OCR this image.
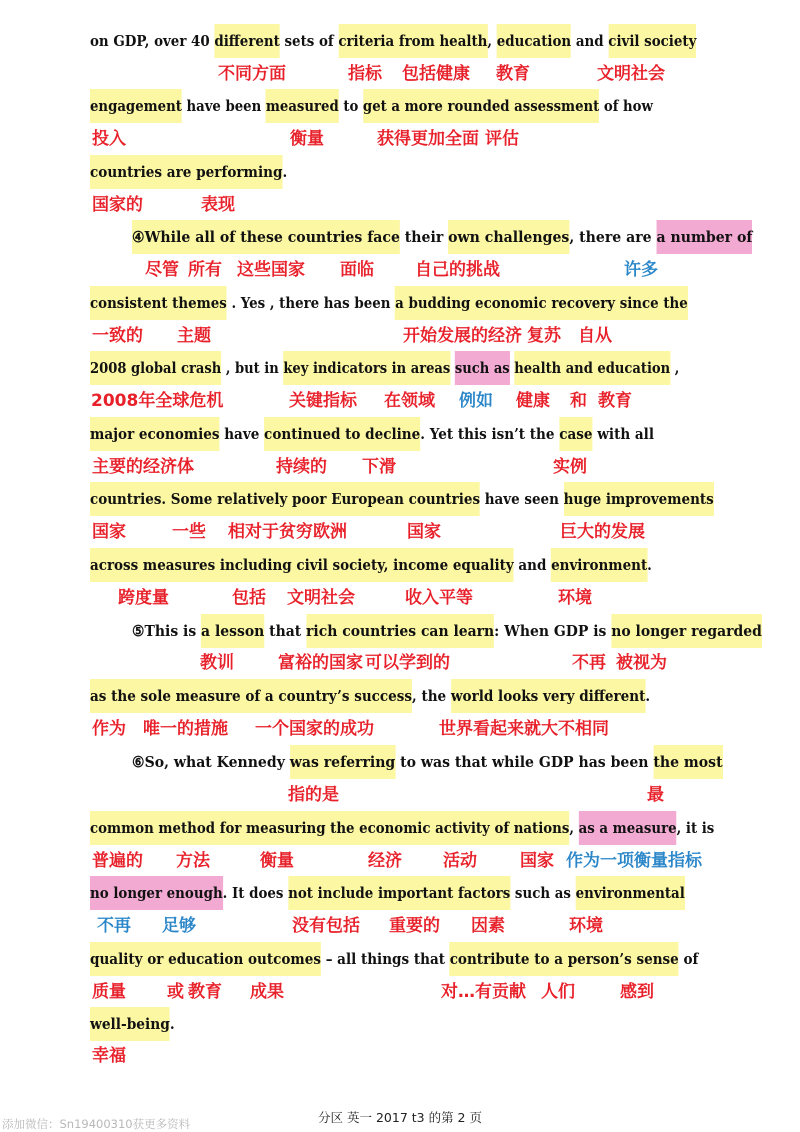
on GDP, over 40 different sets of criteria from health, education and civil society
engagement have been measured to get a more rounded assessment of how
countries are performing.
④While all of these countries face their own challenges, there are a number of
consistent themes . Yes , there has been a budding economic recovery since the
2008 global crash , but in key indicators in areas such as health and education ,
major economies have continued to decline. Yet this isn’t the case with all
countries. Some relatively poor European countries have seen huge improvements
across measures including civil society, income equality and environment.
⑤This is a lesson that rich countries can learn: When GDP is no longer regarded
as the sole measure of a country’s success, the world looks very different.
⑥So, what Kennedy was referring to was that while GDP has been the most
common method for measuring the economic activity of nations, as a measure, it is
no longer enough. It does not include important factors such as environmental
quality or education outcomes – all things that contribute to a person’s sense of
well-being.
不同方面	指标 包括健康 教育	文明社会
投入	衡量	获得更加全面 评估
国家的	表现
尽管 所有 这些国家 面临 自己的挑战	许多
一致的 主题	开始发展的经济 复苏 自从
2008年全球危机	关键指标 在领域 例如 健康 和 教育
主要的经济体	持续的 下滑	实例
国家	一些 相对于贫穷欧洲	国家	巨大的发展
跨度量	包括 文明社会	收入平等	环境
教训	富裕的国家 可以学到的	不再 被视为
作为 唯一的措施 一个国家的成功	世界看起来就大不相同
指的是	最
普遍的 方法	衡量	经济 活动	国家 作为一项衡量指标
不再 足够	没有包括 重要的 因素	环境
质量 或 教育 成果	对…有贡献 人们	感到
幸福
分区 英一 2017 t3 的第 2 页
添加微信：Sn19400310获更多资料
